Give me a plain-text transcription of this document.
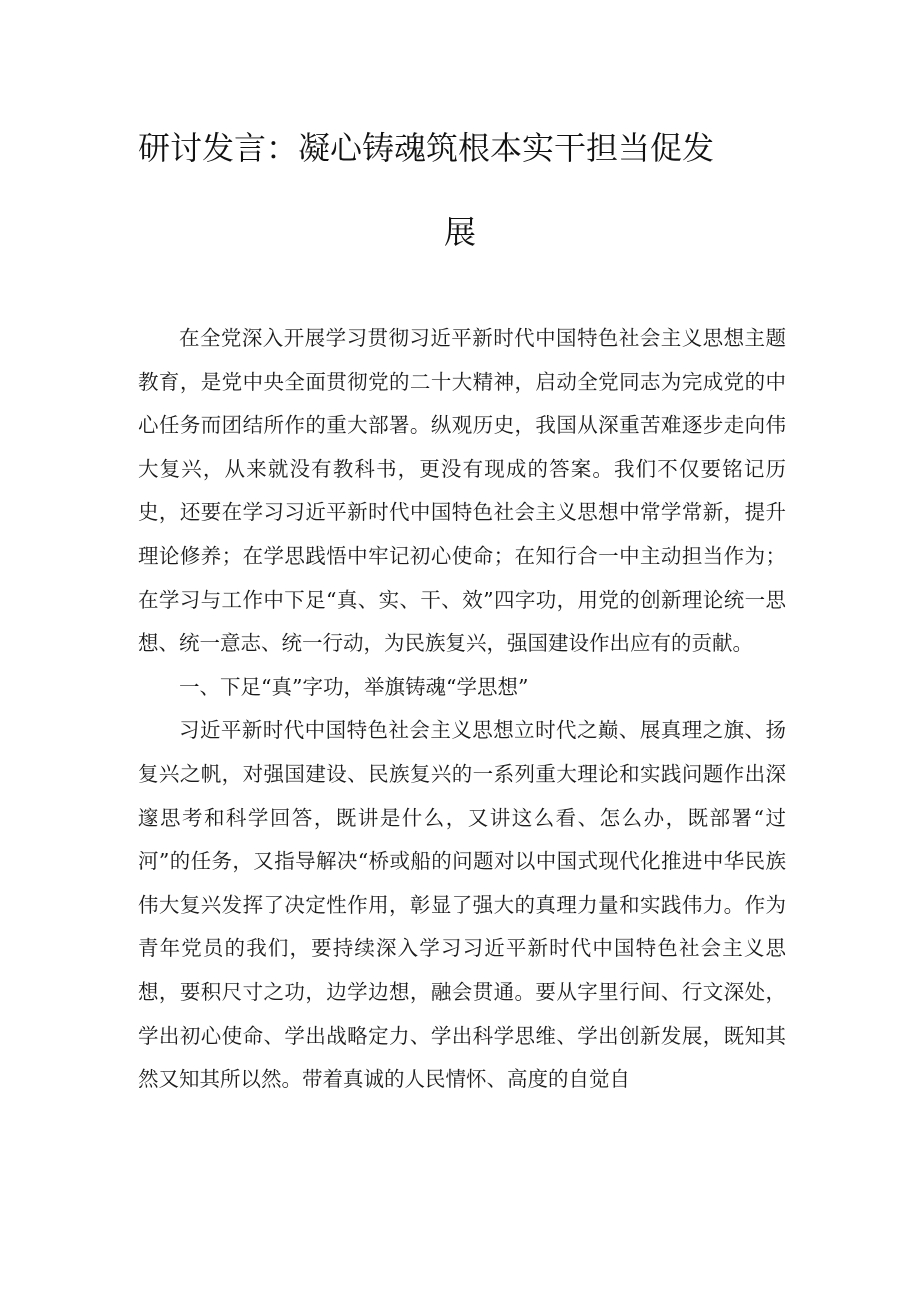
研讨发言：凝心铸魂筑根本实干担当促发
展

在全党深入开展学习贯彻习近平新时代中国特色社会主义思想主题教育，是党中央全面贯彻党的二十大精神，启动全党同志为完成党的中心任务而团结所作的重大部署。纵观历史，我国从深重苦难逐步走向伟大复兴，从来就没有教科书，更没有现成的答案。我们不仅要铭记历史，还要在学习习近平新时代中国特色社会主义思想中常学常新，提升理论修养；在学思践悟中牢记初心使命；在知行合一中主动担当作为；在学习与工作中下足“真、实、干、效”四字功，用党的创新理论统一思想、统一意志、统一行动，为民族复兴，强国建设作出应有的贡献。

一、下足“真”字功，举旗铸魂“学思想”

习近平新时代中国特色社会主义思想立时代之巅、展真理之旗、扬复兴之帆，对强国建设、民族复兴的一系列重大理论和实践问题作出深邃思考和科学回答，既讲是什么，又讲这么看、怎么办，既部署“过河”的任务，又指导解决“桥或船的问题对以中国式现代化推进中华民族伟大复兴发挥了决定性作用，彰显了强大的真理力量和实践伟力。作为青年党员的我们，要持续深入学习习近平新时代中国特色社会主义思想，要积尺寸之功，边学边想，融会贯通。要从字里行间、行文深处，学出初心使命、学出战略定力、学出科学思维、学出创新发展，既知其然又知其所以然。带着真诚的人民情怀、高度的自觉自
